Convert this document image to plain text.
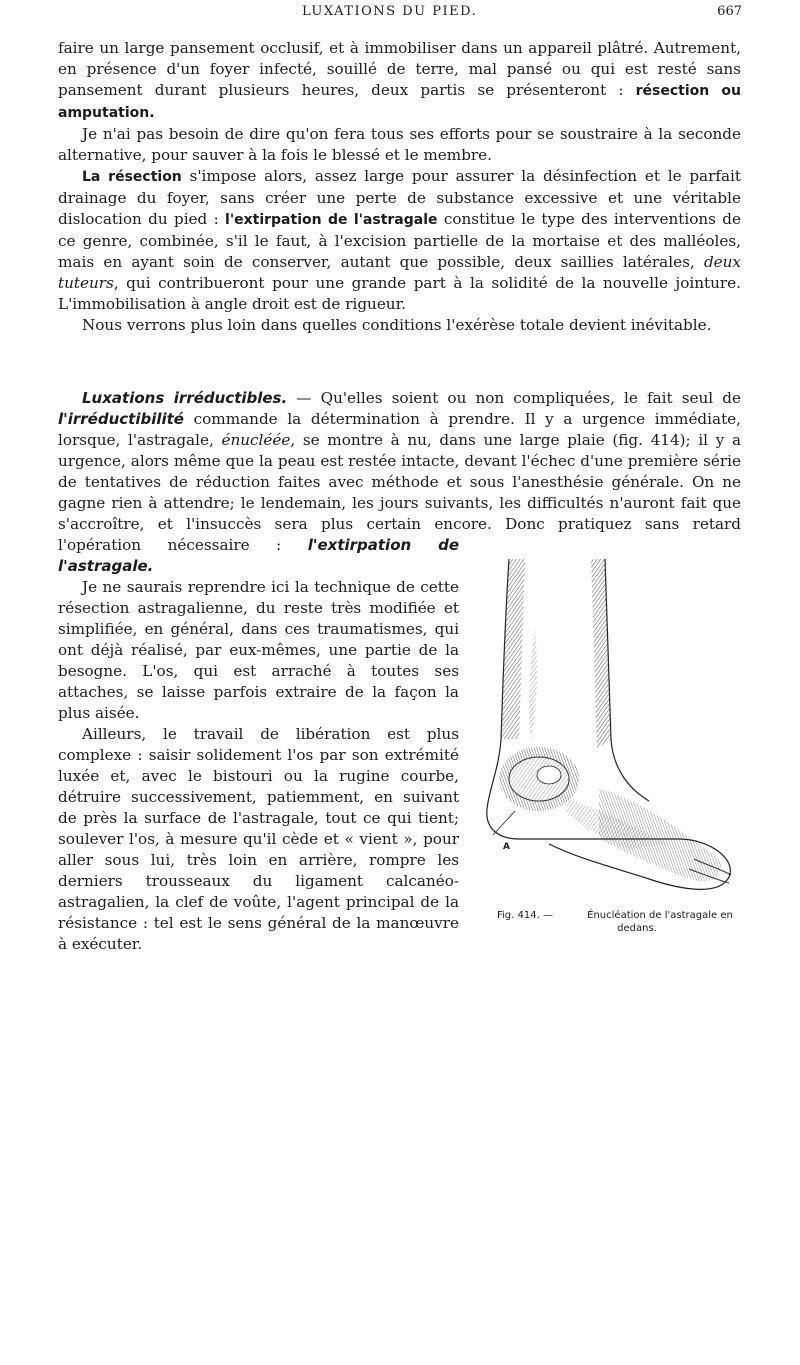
LUXATIONS DU PIED.	667

faire un large pansement occlusif, et à immobiliser dans un appareil plâtré. Autrement, en présence d'un foyer infecté, souillé de terre, mal pansé ou qui est resté sans pansement durant plusieurs heures, deux partis se présenteront : résection ou amputation.

Je n'ai pas besoin de dire qu'on fera tous ses efforts pour se soustraire à la seconde alternative, pour sauver à la fois le blessé et le membre.

La résection s'impose alors, assez large pour assurer la désinfection et le parfait drainage du foyer, sans créer une perte de substance excessive et une véritable dislocation du pied : l'extirpation de l'astragale constitue le type des interventions de ce genre, combinée, s'il le faut, à l'excision partielle de la mortaise et des malléoles, mais en ayant soin de conserver, autant que possible, deux saillies latérales, deux tuteurs, qui contribueront pour une grande part à la solidité de la nouvelle jointure. L'immobilisation à angle droit est de rigueur.

Nous verrons plus loin dans quelles conditions l'exérèse totale devient inévitable.

Luxations irréductibles. — Qu'elles soient ou non compliquées, le fait seul de l'irréductibilité commande la détermination à prendre. Il y a urgence immédiate, lorsque, l'astragale, énucléée, se montre à nu, dans une large plaie (fig. 414); il y a urgence, alors même que la peau est restée intacte, devant l'échec d'une première série de tentatives de réduction faites avec méthode et sous l'anesthésie générale. On ne gagne rien à attendre; le lendemain, les jours suivants, les difficultés n'auront fait que s'accroître, et l'insuccès sera plus certain encore. Donc pratiquez sans retard l'opération nécessaire :
A
Fig. 414. —	Énucléation de l'astragale en dedans.
l'extirpation de l'astragale.

Je ne saurais reprendre ici la technique de cette résection astragalienne, du reste très modifiée et simplifiée, en général, dans ces traumatismes, qui ont déjà réalisé, par eux-mêmes, une partie de la besogne. L'os, qui est arraché à toutes ses attaches, se laisse parfois extraire de la façon la plus aisée.

Ailleurs, le travail de libération est plus complexe : saisir solidement l'os par son extrémité luxée et, avec le bistouri ou la rugine courbe, détruire successivement, patiemment, en suivant de près la surface de l'astragale, tout ce qui tient; soulever l'os, à mesure qu'il cède et « vient », pour aller sous lui, très loin en arrière, rompre les derniers trousseaux du ligament calcanéo-astragalien, la clef de voûte, l'agent principal de la résistance : tel est le sens général de la manœuvre à exécuter.
